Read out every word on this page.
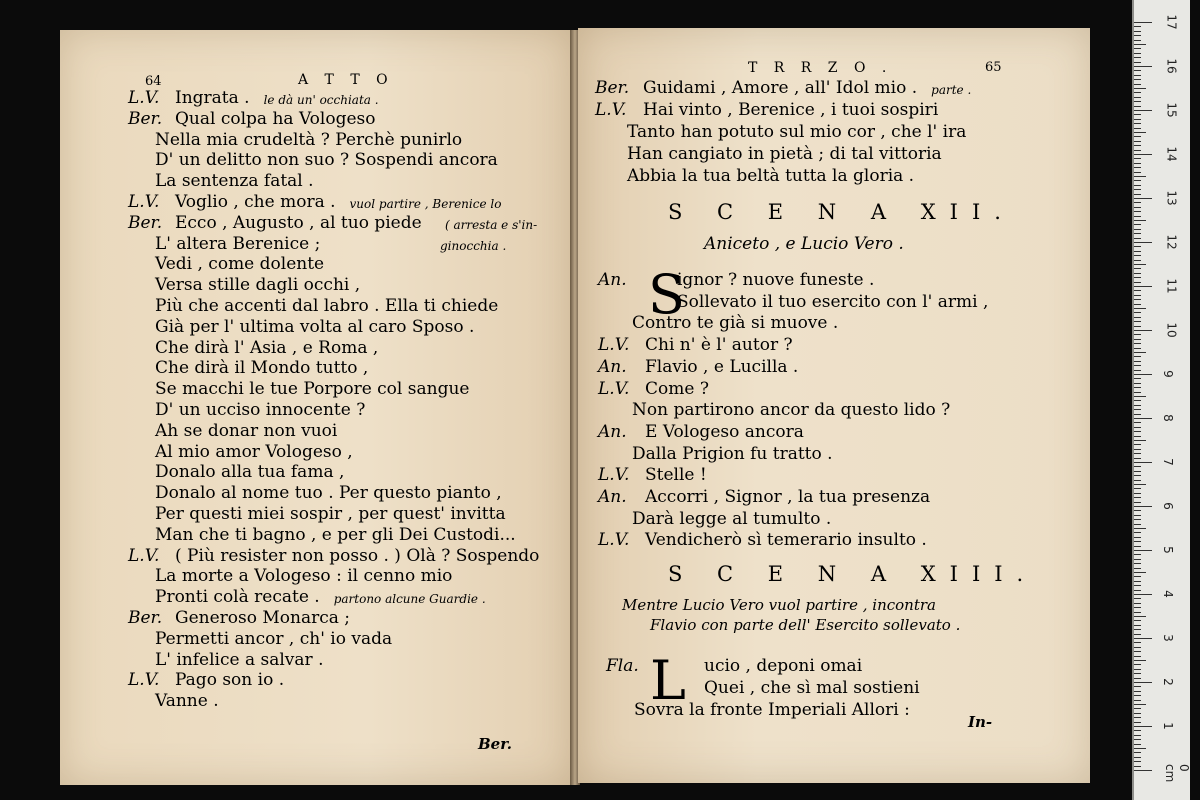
64	A T T O
L.V. Ingrata . le dà un' occhiata .
Ber. Qual colpa ha Vologeso
Nella mia crudeltà ? Perchè punirlo
D' un delitto non suo ? Sospendi ancora
La sentenza fatal .
L.V. Voglio , che mora . vuol partire , Berenice lo
Ber. Ecco , Augusto , al tuo piede ( arresta e s'in-
L' altera Berenice ;	ginocchia .
Vedi , come dolente
Versa stille dagli occhi ,
Più che accenti dal labro . Ella ti chiede
Già per l' ultima volta al caro Sposo .
Che dirà l' Asia , e Roma ,
Che dirà il Mondo tutto ,
Se macchi le tue Porpore col sangue
D' un ucciso innocente ?
Ah se donar non vuoi
Al mio amor Vologeso ,
Donalo alla tua fama ,
Donalo al nome tuo . Per questo pianto ,
Per questi miei sospir , per quest' invitta
Man che ti bagno , e per gli Dei Custodi...
L.V. ( Più resister non posso . ) Olà ? Sospendo
La morte a Vologeso : il cenno mio
Pronti colà recate . partono alcune Guardie .
Ber. Generoso Monarca ;
Permetti ancor , ch' io vada
L' infelice a salvar .
L.V. Pago son io .
Vanne .
Ber.
T R R Z O .	65
Ber. Guidami , Amore , all' Idol mio . parte .
L.V. Hai vinto , Berenice , i tuoi sospiri
Tanto han potuto sul mio cor , che l' ira
Han cangiato in pietà ; di tal vittoria
Abbia la tua beltà tutta la gloria .
S C E N A XII.
Aniceto , e Lucio Vero .
S
An.	ignor ? nuove funeste .
Sollevato il tuo esercito con l' armi ,
Contro te già si muove .
L.V. Chi n' è l' autor ?
An. Flavio , e Lucilla .
L.V. Come ?
Non partirono ancor da questo lido ?
An. E Vologeso ancora
Dalla Prigion fu tratto .
L.V. Stelle !
An. Accorri , Signor , la tua presenza
Darà legge al tumulto .
L.V. Vendicherò sì temerario insulto .
S C E N A XIII.
Mentre Lucio Vero vuol partire , incontra
Flavio con parte dell' Esercito sollevato .
L
Fla.	ucio , deponi omai
Quei , che sì mal sostieni
Sovra la fronte Imperiali Allori :
In-
17
16
15
14
13
12
11
10
9
8
7
6
5
4
3
2
1
0 cm
